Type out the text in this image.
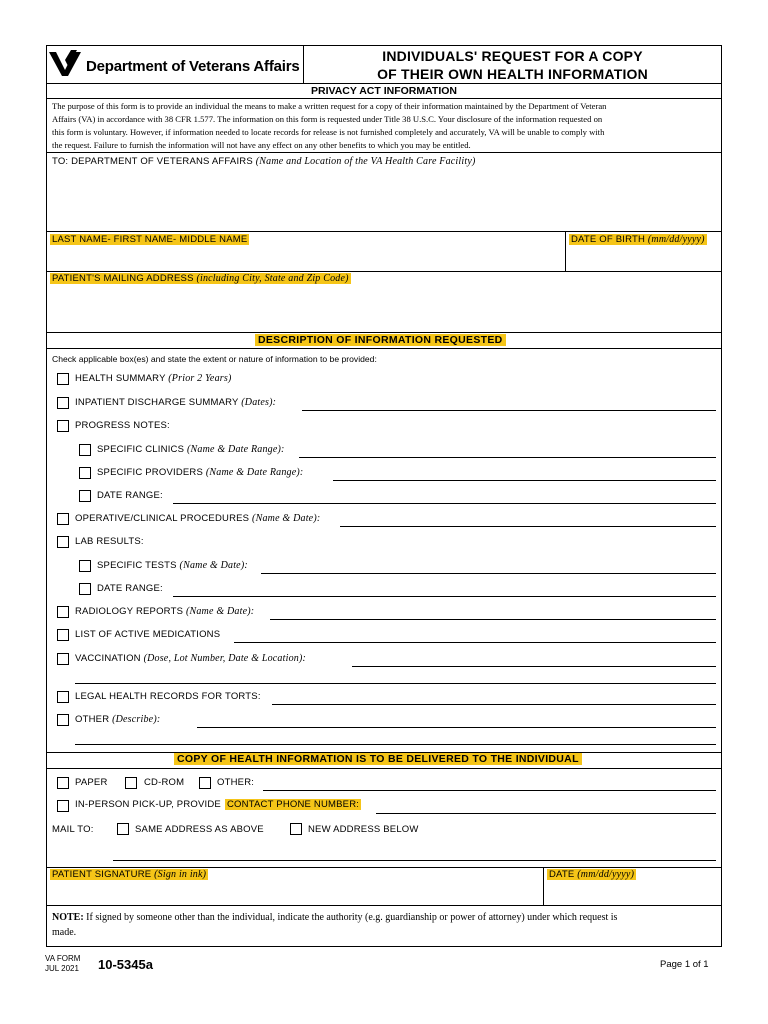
Department of Veterans Affairs
INDIVIDUALS' REQUEST FOR A COPY
OF THEIR OWN HEALTH INFORMATION
PRIVACY ACT INFORMATION
The purpose of this form is to provide an individual the means to make a written request for a copy of their information maintained by the Department of Veteran
Affairs (VA) in accordance with 38 CFR 1.577. The information on this form is requested under Title 38 U.S.C. Your disclosure of the information requested on
this form is voluntary. However, if information needed to locate records for release is not furnished completely and accurately, VA will be unable to comply with
the request. Failure to furnish the information will not have any effect on any other benefits to which you may be entitled.
TO: DEPARTMENT OF VETERANS AFFAIRS (Name and Location of the VA Health Care Facility)
LAST NAME- FIRST NAME- MIDDLE NAME	DATE OF BIRTH (mm/dd/yyyy)
PATIENT'S MAILING ADDRESS (including City, State and Zip Code)
DESCRIPTION OF INFORMATION REQUESTED
Check applicable box(es) and state the extent or nature of information to be provided:
HEALTH SUMMARY (Prior 2 Years)
INPATIENT DISCHARGE SUMMARY (Dates):
PROGRESS NOTES:
SPECIFIC CLINICS (Name & Date Range):
SPECIFIC PROVIDERS (Name & Date Range):
DATE RANGE:
OPERATIVE/CLINICAL PROCEDURES (Name & Date):
LAB RESULTS:
SPECIFIC TESTS (Name & Date):
DATE RANGE:
RADIOLOGY REPORTS (Name & Date):
LIST OF ACTIVE MEDICATIONS
VACCINATION (Dose, Lot Number, Date & Location):
LEGAL HEALTH RECORDS FOR TORTS:
OTHER (Describe):
COPY OF HEALTH INFORMATION IS TO BE DELIVERED TO THE INDIVIDUAL
PAPER	CD-ROM	OTHER:
IN-PERSON PICK-UP, PROVIDE CONTACT PHONE NUMBER:
MAIL TO:	SAME ADDRESS AS ABOVE	NEW ADDRESS BELOW
PATIENT SIGNATURE (Sign in ink)	DATE (mm/dd/yyyy)
NOTE: If signed by someone other than the individual, indicate the authority (e.g. guardianship or power of attorney) under which request is
made.
VA FORM
JUL 2021 10-5345a	Page 1 of 1
